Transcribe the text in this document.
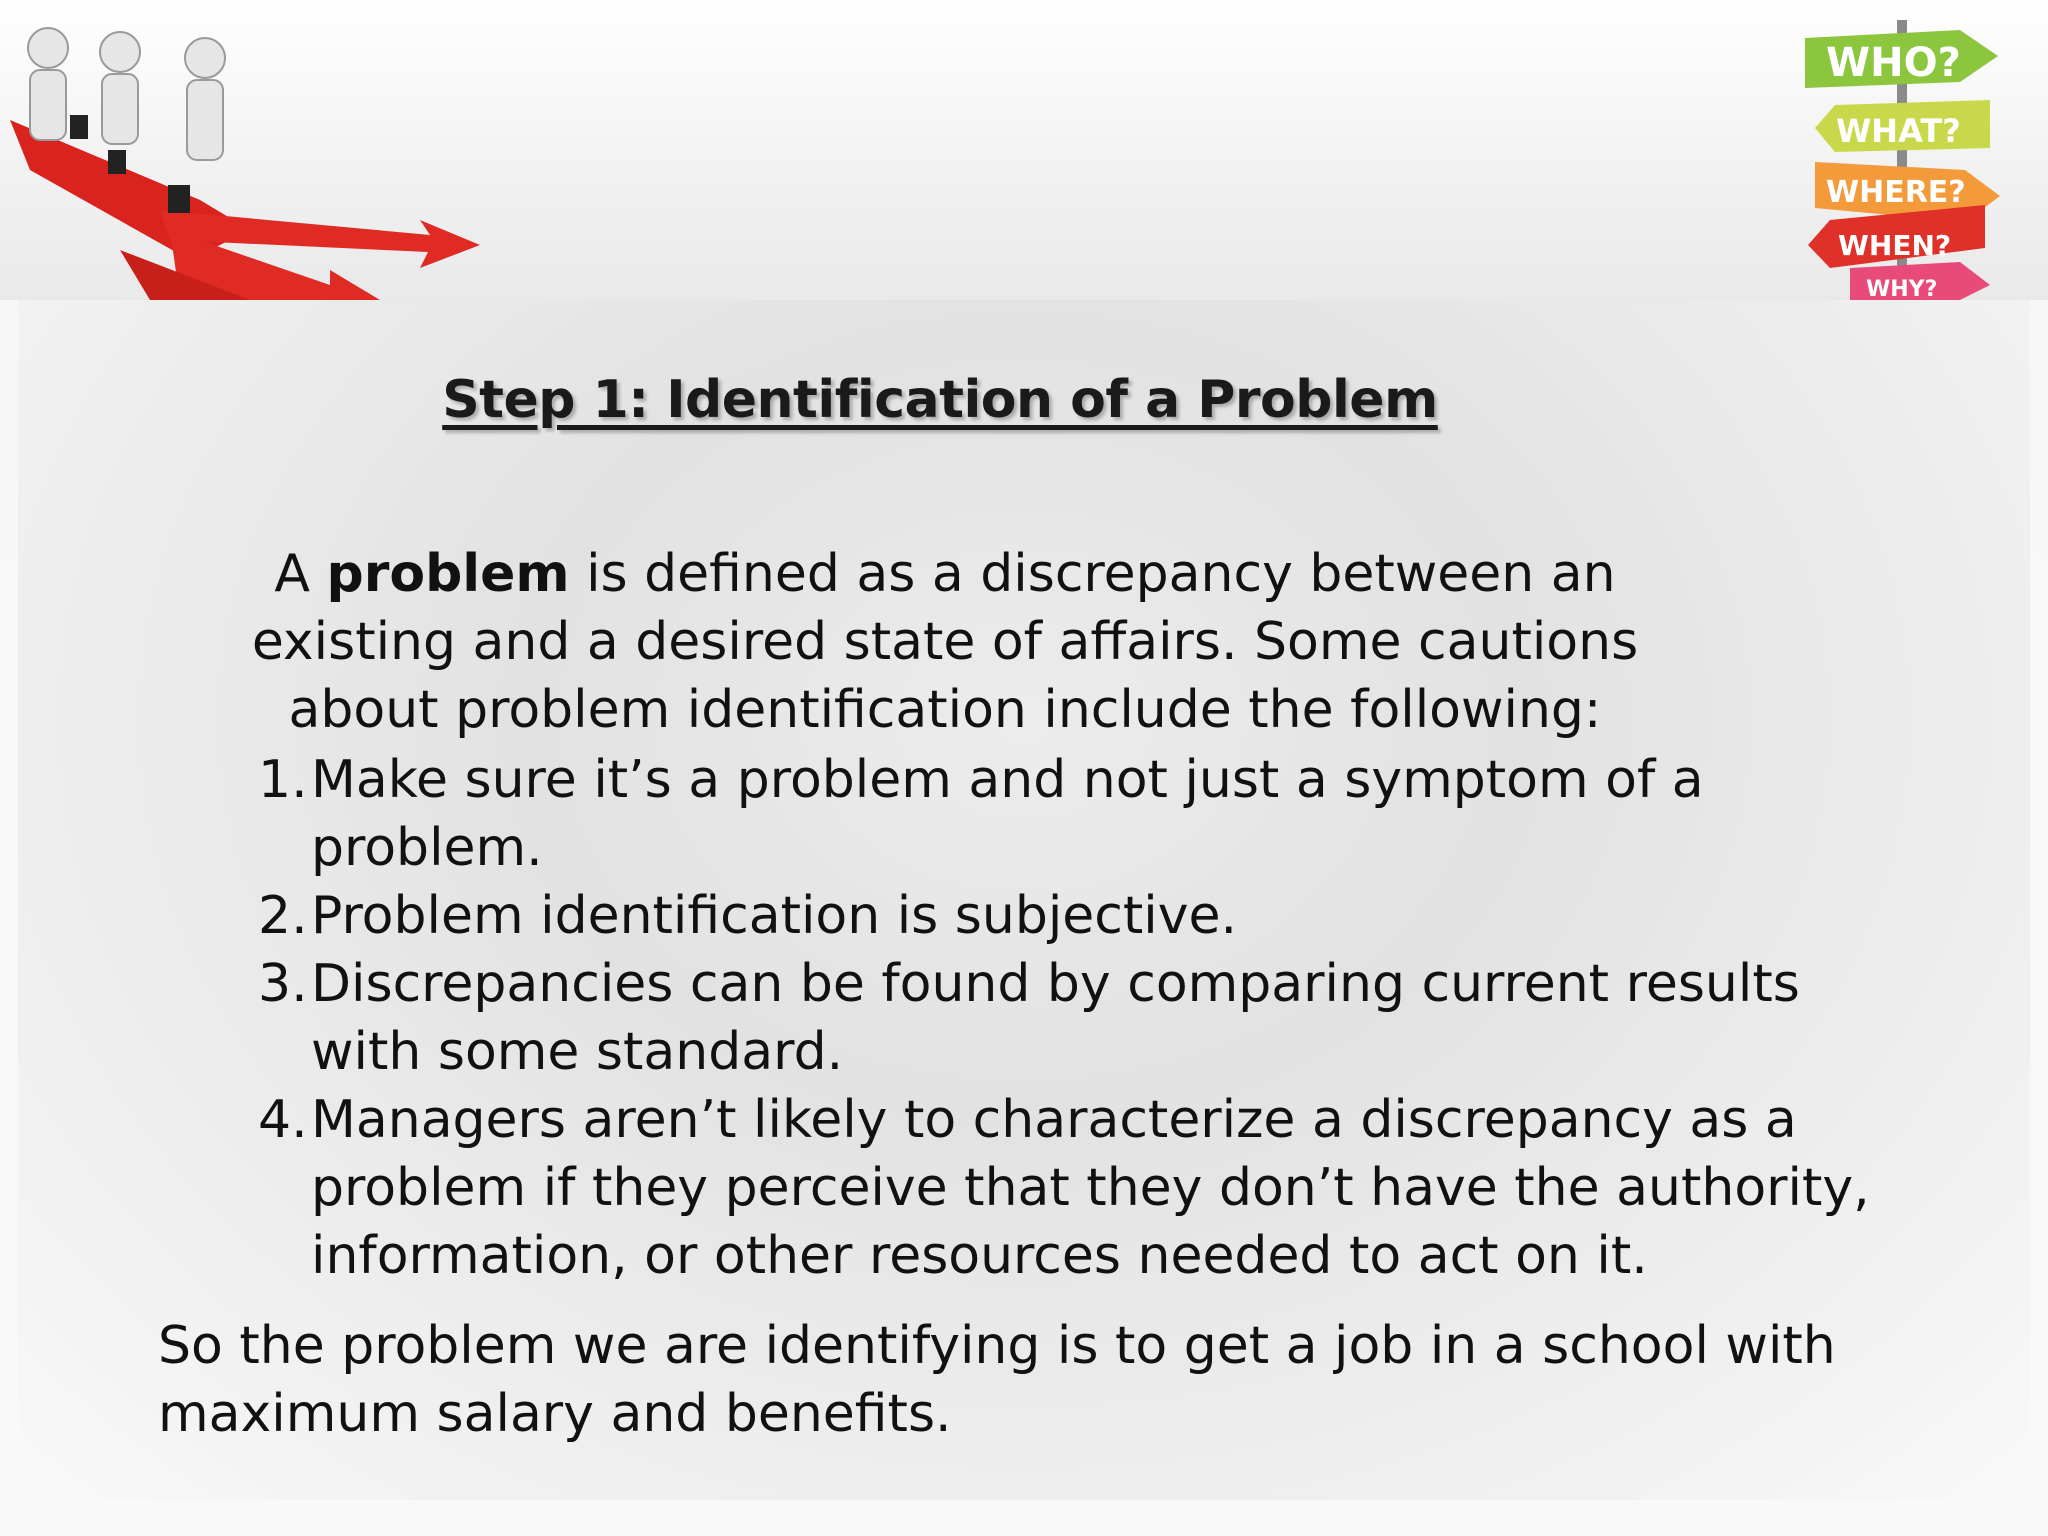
WHO?
WHAT?
WHERE?
WHEN?
WHY?
Step 1: Identification of a Problem
A problem is defined as a discrepancy between an existing and a desired state of affairs. Some cautions about problem identification include the following:
1. Make sure it’s a problem and not just a symptom of a problem.
2. Problem identification is subjective.
3. Discrepancies can be found by comparing current results with some standard.
4. Managers aren’t likely to characterize a discrepancy as a problem if they perceive that they don’t have the authority, information, or other resources needed to act on it.
So the problem we are identifying is to get a job in a school with maximum salary and benefits.
